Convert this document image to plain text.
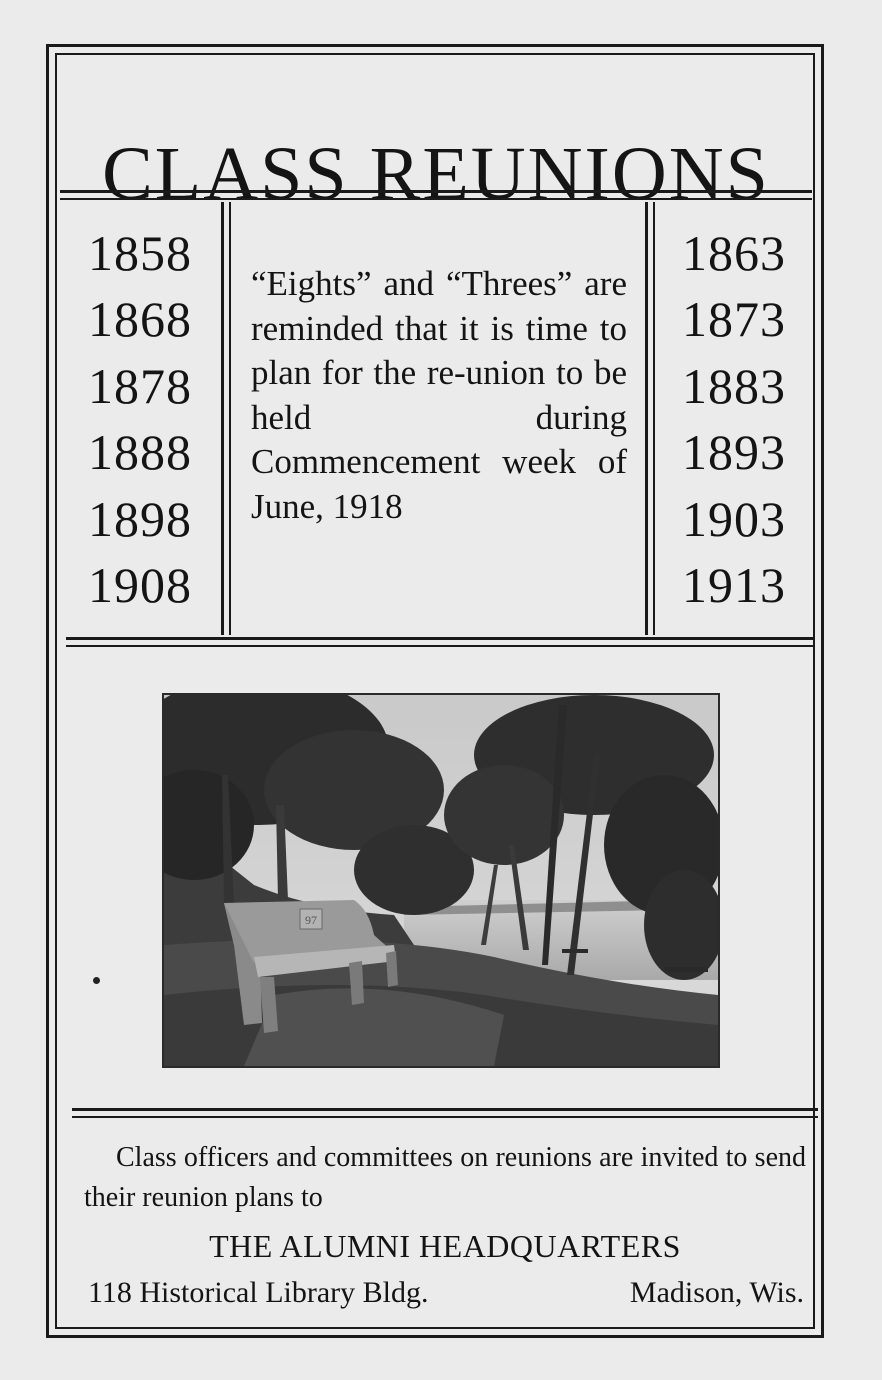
CLASS REUNIONS
1858
1868
1878
1888
1898
1908
“Eights” and “Threes” are reminded that it is time to plan for the re-union to be held during Commencement week of June, 1918
1863
1873
1883
1893
1903
1913
97
Class officers and committees on reunions are invited to send their reunion plans to
THE ALUMNI HEADQUARTERS
118 Historical Library Bldg.	Madison, Wis.
